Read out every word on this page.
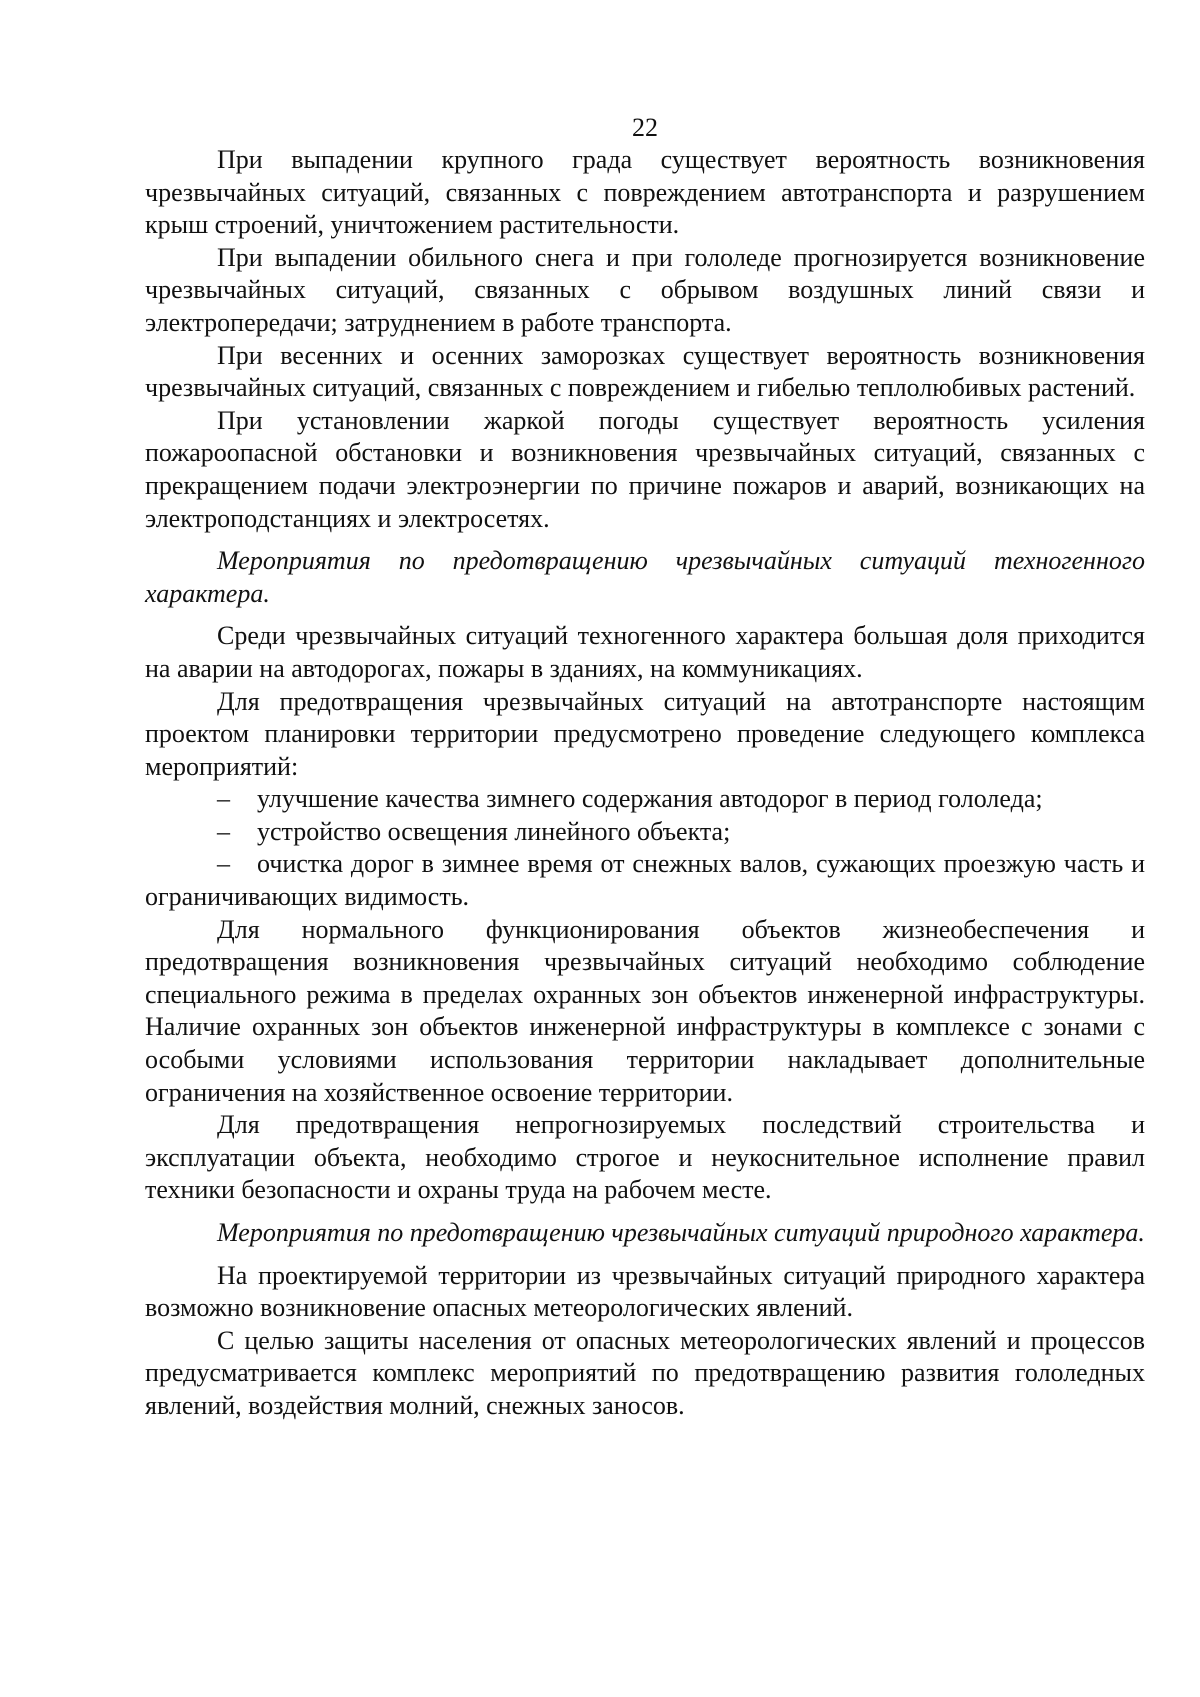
22

При выпадении крупного града существует вероятность возникновения чрезвычайных ситуаций, связанных с повреждением автотранспорта и разрушением крыш строений, уничтожением растительности.

При выпадении обильного снега и при гололеде прогнозируется возникновение чрезвычайных ситуаций, связанных с обрывом воздушных линий связи и электропередачи; затруднением в работе транспорта.

При весенних и осенних заморозках существует вероятность возникновения чрезвычайных ситуаций, связанных с повреждением и гибелью теплолюбивых растений.

При установлении жаркой погоды существует вероятность усиления пожароопасной обстановки и возникновения чрезвычайных ситуаций, связанных с прекращением подачи электроэнергии по причине пожаров и аварий, возникающих на электроподстанциях и электросетях.

Мероприятия по предотвращению чрезвычайных ситуаций техногенного характера.

Среди чрезвычайных ситуаций техногенного характера большая доля приходится на аварии на автодорогах, пожары в зданиях, на коммуникациях.

Для предотвращения чрезвычайных ситуаций на автотранспорте настоящим проектом планировки территории предусмотрено проведение следующего комплекса мероприятий:

– улучшение качества зимнего содержания автодорог в период гололеда;

– устройство освещения линейного объекта;

– очистка дорог в зимнее время от снежных валов, сужающих проезжую часть и ограничивающих видимость.

Для нормального функционирования объектов жизнеобеспечения и предотвращения возникновения чрезвычайных ситуаций необходимо соблюдение специального режима в пределах охранных зон объектов инженерной инфраструктуры. Наличие охранных зон объектов инженерной инфраструктуры в комплексе с зонами с особыми условиями использования территории накладывает дополнительные ограничения на хозяйственное освоение территории.

Для предотвращения непрогнозируемых последствий строительства и эксплуатации объекта, необходимо строгое и неукоснительное исполнение правил техники безопасности и охраны труда на рабочем месте.

Мероприятия по предотвращению чрезвычайных ситуаций природного характера.

На проектируемой территории из чрезвычайных ситуаций природного характера возможно возникновение опасных метеорологических явлений.

С целью защиты населения от опасных метеорологических явлений и процессов предусматривается комплекс мероприятий по предотвращению развития гололедных явлений, воздействия молний, снежных заносов.
